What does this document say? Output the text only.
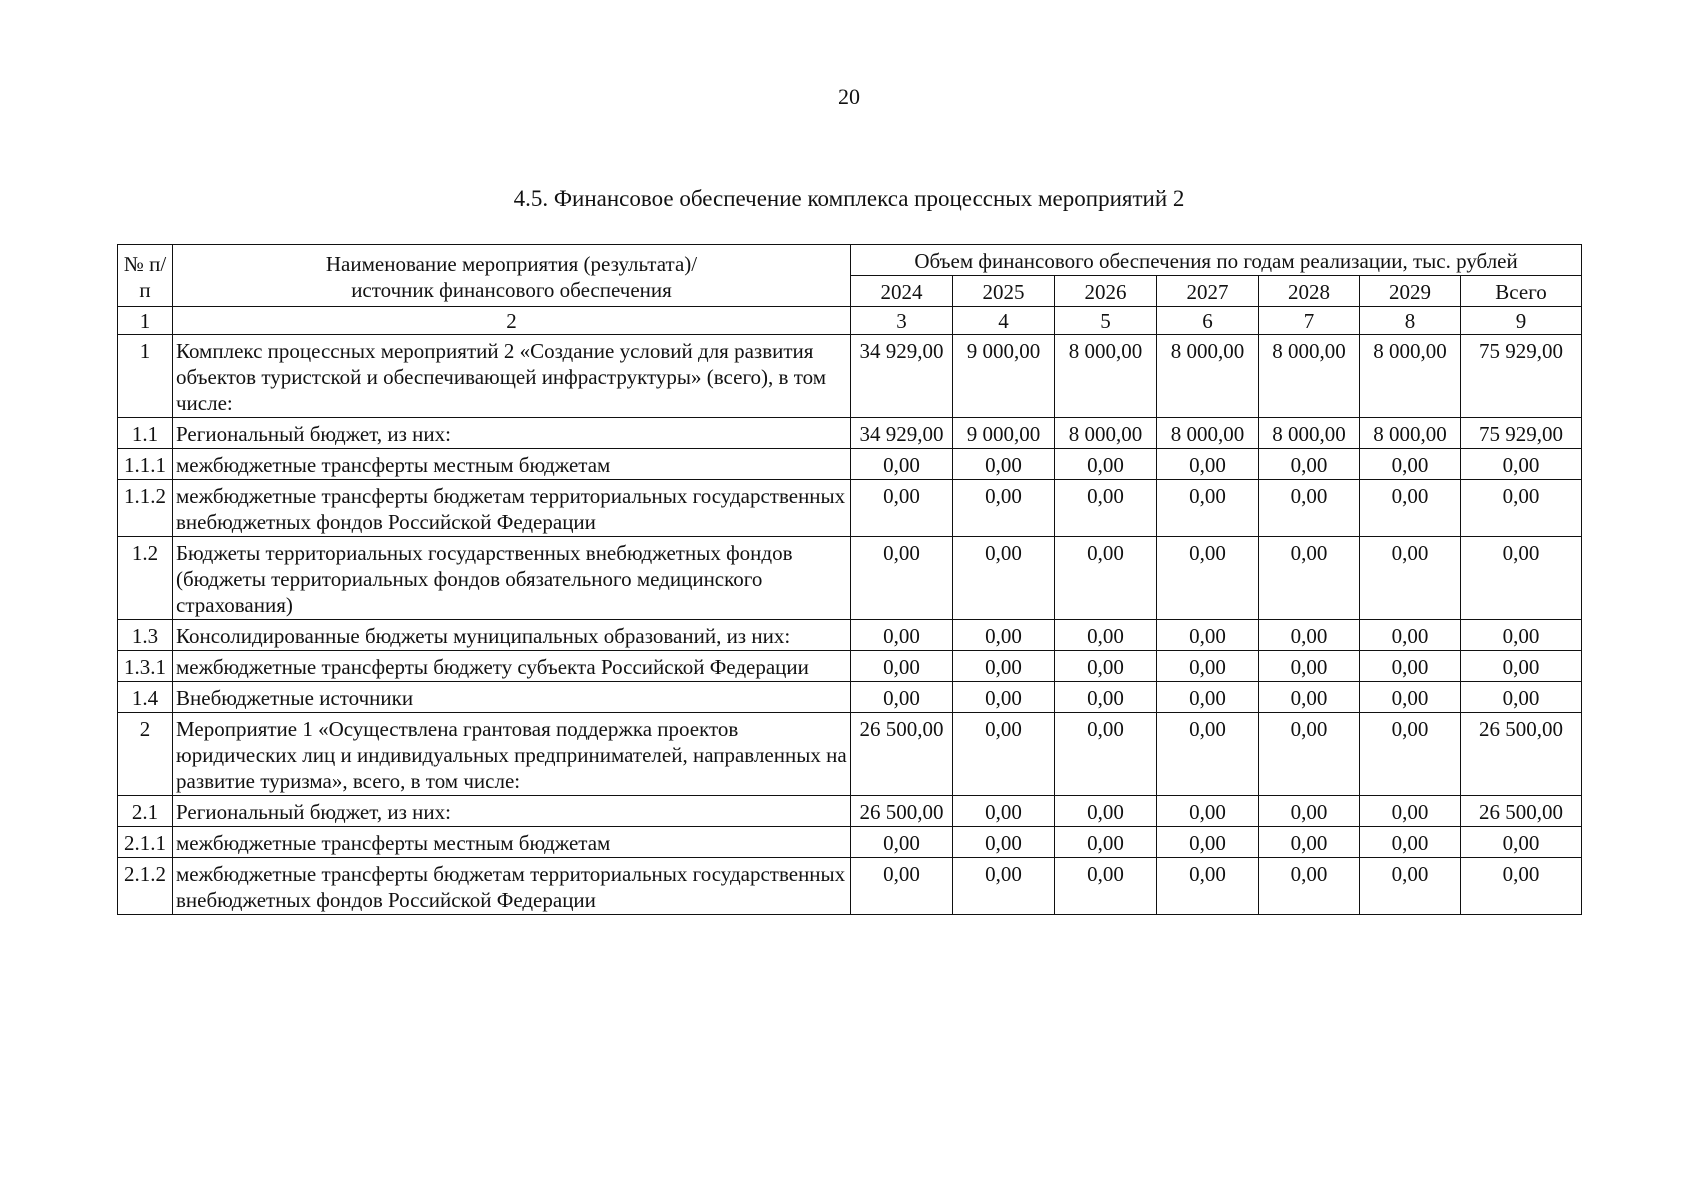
20
4.5. Финансовое обеспечение комплекса процессных мероприятий 2
№ п/п	Наименование мероприятия (результата)/ источник финансового обеспечения	Объем финансового обеспечения по годам реализации, тыс. рублей						
		2024	2025	2026	2027	2028	2029	Всего
1	2	3	4	5	6	7	8	9
1	Комплекс процессных мероприятий 2 «Создание условий для развития объектов туристской и обеспечивающей инфраструктуры» (всего), в том числе:	34 929,00	9 000,00	8 000,00	8 000,00	8 000,00	8 000,00	75 929,00
1.1	Региональный бюджет, из них:	34 929,00	9 000,00	8 000,00	8 000,00	8 000,00	8 000,00	75 929,00
1.1.1	межбюджетные трансферты местным бюджетам	0,00	0,00	0,00	0,00	0,00	0,00	0,00
1.1.2	межбюджетные трансферты бюджетам территориальных государственных внебюджетных фондов Российской Федерации	0,00	0,00	0,00	0,00	0,00	0,00	0,00
1.2	Бюджеты территориальных государственных внебюджетных фондов (бюджеты территориальных фондов обязательного медицинского страхования)	0,00	0,00	0,00	0,00	0,00	0,00	0,00
1.3	Консолидированные бюджеты муниципальных образований, из них:	0,00	0,00	0,00	0,00	0,00	0,00	0,00
1.3.1	межбюджетные трансферты бюджету субъекта Российской Федерации	0,00	0,00	0,00	0,00	0,00	0,00	0,00
1.4	Внебюджетные источники	0,00	0,00	0,00	0,00	0,00	0,00	0,00
2	Мероприятие 1 «Осуществлена грантовая поддержка проектов юридических лиц и индивидуальных предпринимателей, направленных на развитие туризма», всего, в том числе:	26 500,00	0,00	0,00	0,00	0,00	0,00	26 500,00
2.1	Региональный бюджет, из них:	26 500,00	0,00	0,00	0,00	0,00	0,00	26 500,00
2.1.1	межбюджетные трансферты местным бюджетам	0,00	0,00	0,00	0,00	0,00	0,00	0,00
2.1.2	межбюджетные трансферты бюджетам территориальных государственных внебюджетных фондов Российской Федерации	0,00	0,00	0,00	0,00	0,00	0,00	0,00
